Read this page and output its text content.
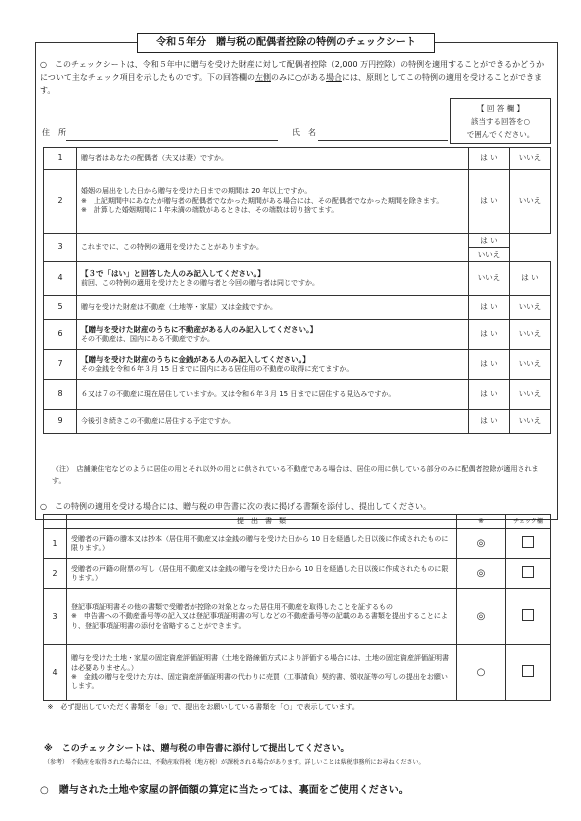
令和５年分　贈与税の配偶者控除の特例のチェックシート
○　 このチェックシートは、令和５年中に贈与を受けた財産に対して配偶者控除（2,000 万円控除）の特例を適用することができるかどうかについて主なチェック項目を示したものです。下の回答欄の左側のみに○がある場合には、原則としてこの特例の適用を受けることができます。
【 回 答 欄 】
該当する回答を○
で囲んでください。
住　所	氏　名
1	贈与者はあなたの配偶者（夫又は妻）ですか。	は い	いいえ
2	婚姻の届出をした日から贈与を受けた日までの期間は 20 年以上ですか。
※　上記期間中にあなたが贈与者の配偶者でなかった期間がある場合には、その配偶者でなかった期間を除きます。
※　計算した婚姻期間に１年未満の端数があるときは、その端数は切り捨てます。	は い	いいえ
3	これまでに、この特例の適用を受けたことがありますか。	は い
いいえ	

4	【３で「はい」と回答した人のみ記入してください。】
前回、この特例の適用を受けたときの贈与者と今回の贈与者は同じですか。	いいえ	は い
5	贈与を受けた財産は不動産（土地等・家屋）又は金銭ですか。	は い	いいえ
6	【贈与を受けた財産のうちに不動産がある人のみ記入してください。】
その不動産は、国内にある不動産ですか。	は い	いいえ
7	【贈与を受けた財産のうちに金銭がある人のみ記入してください。】
その金銭を令和６年３月 15 日までに国内にある居住用の不動産の取得に充てますか。	は い	いいえ
8	６又は７の不動産に現在居住していますか。又は令和６年３月 15 日までに居住する見込みですか。	は い	いいえ
9	今後引き続きこの不動産に居住する予定ですか。	は い	いいえ
（注）　店舗兼住宅などのように居住の用とそれ以外の用とに供されている不動産である場合は、居住の用に供している部分のみに配偶者控除が適用されます。
○　この特例の適用を受ける場合には、贈与税の申告書に次の表に掲げる書類を添付し、提出してください。
	提　出　書　類	※	チェック欄
1	受贈者の戸籍の謄本又は抄本（居住用不動産又は金銭の贈与を受けた日から 10 日を経過した日以後に作成されたものに限ります。）	◎	
2	受贈者の戸籍の附票の写し（居住用不動産又は金銭の贈与を受けた日から 10 日を経過した日以後に作成されたものに限ります。）	◎	
3	登記事項証明書その他の書類で受贈者が控除の対象となった居住用不動産を取得したことを証するもの
※　申告書への不動産番号等の記入又は登記事項証明書の写しなどの不動産番号等の記載のある書類を提出することにより、登記事項証明書の添付を省略することができます。	◎	
4	贈与を受けた土地・家屋の固定資産評価証明書（土地を路線価方式により評価する場合には、土地の固定資産評価証明書は必要ありません。）
※　金銭の贈与を受けた方は、固定資産評価証明書の代わりに売買（工事請負）契約書、領収証等の写しの提出をお願いします。	○	
※　必ず提出していただく書類を「◎」で、提出をお願いしている書類を「○」で表示しています。			
※　このチェックシートは、贈与税の申告書に添付して提出してください。
（参考）　不動産を取得された場合には、不動産取得税（地方税）が課税される場合があります。詳しいことは県税事務所にお尋ねください。
○　贈与された土地や家屋の評価額の算定に当たっては、裏面をご使用ください。
